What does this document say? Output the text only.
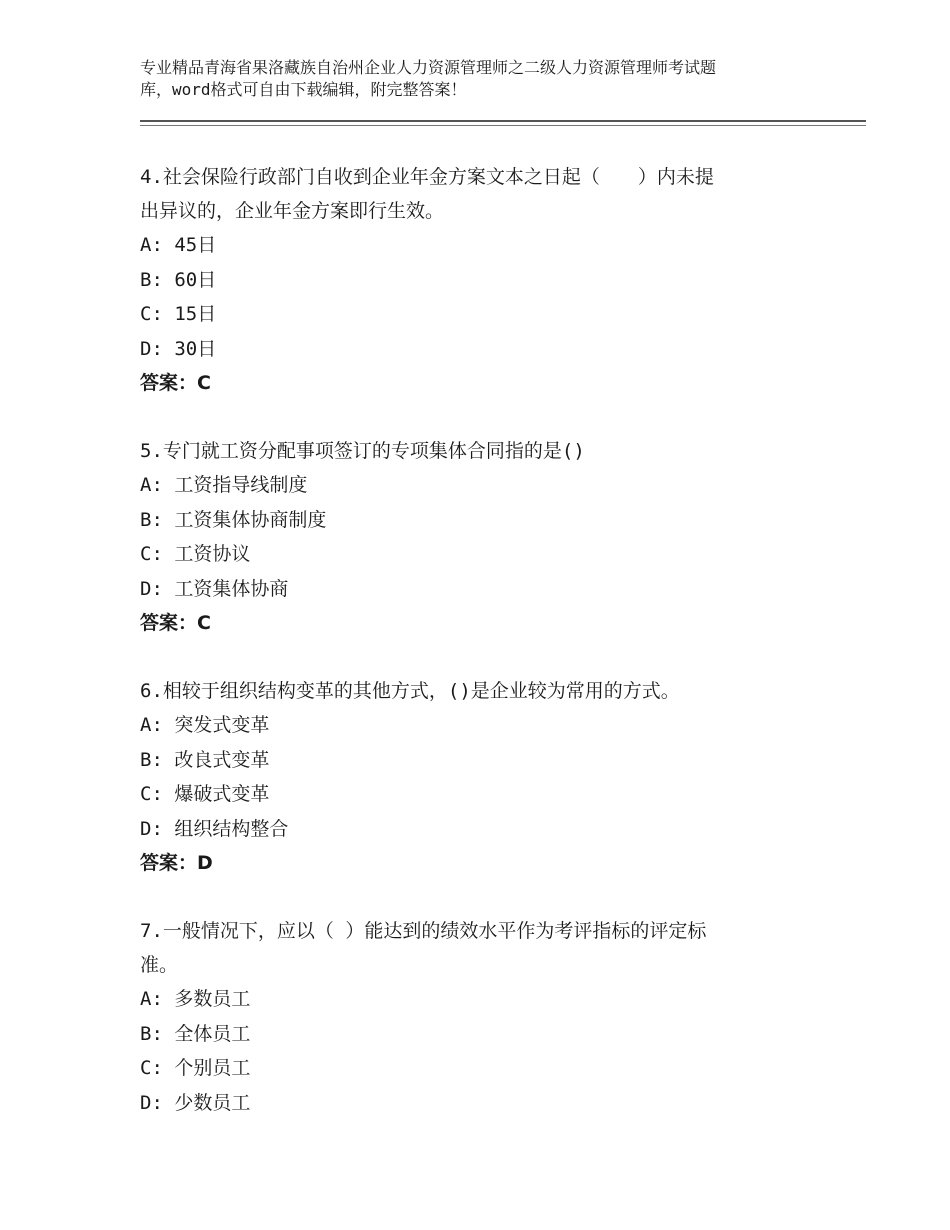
专业精品青海省果洛藏族自治州企业人力资源管理师之二级人力资源管理师考试题
库，word格式可自由下载编辑，附完整答案！
4.社会保险行政部门自收到企业年金方案文本之日起（　　）内未提
出异议的，企业年金方案即行生效。
A: 45日
B: 60日
C: 15日
D: 30日
答案：C
5.专门就工资分配事项签订的专项集体合同指的是()
A: 工资指导线制度
B: 工资集体协商制度
C: 工资协议
D: 工资集体协商
答案：C
6.相较于组织结构变革的其他方式，()是企业较为常用的方式。
A: 突发式变革
B: 改良式变革
C: 爆破式变革
D: 组织结构整合
答案：D
7.一般情况下，应以（ ）能达到的绩效水平作为考评指标的评定标
准。
A: 多数员工
B: 全体员工
C: 个别员工
D: 少数员工
